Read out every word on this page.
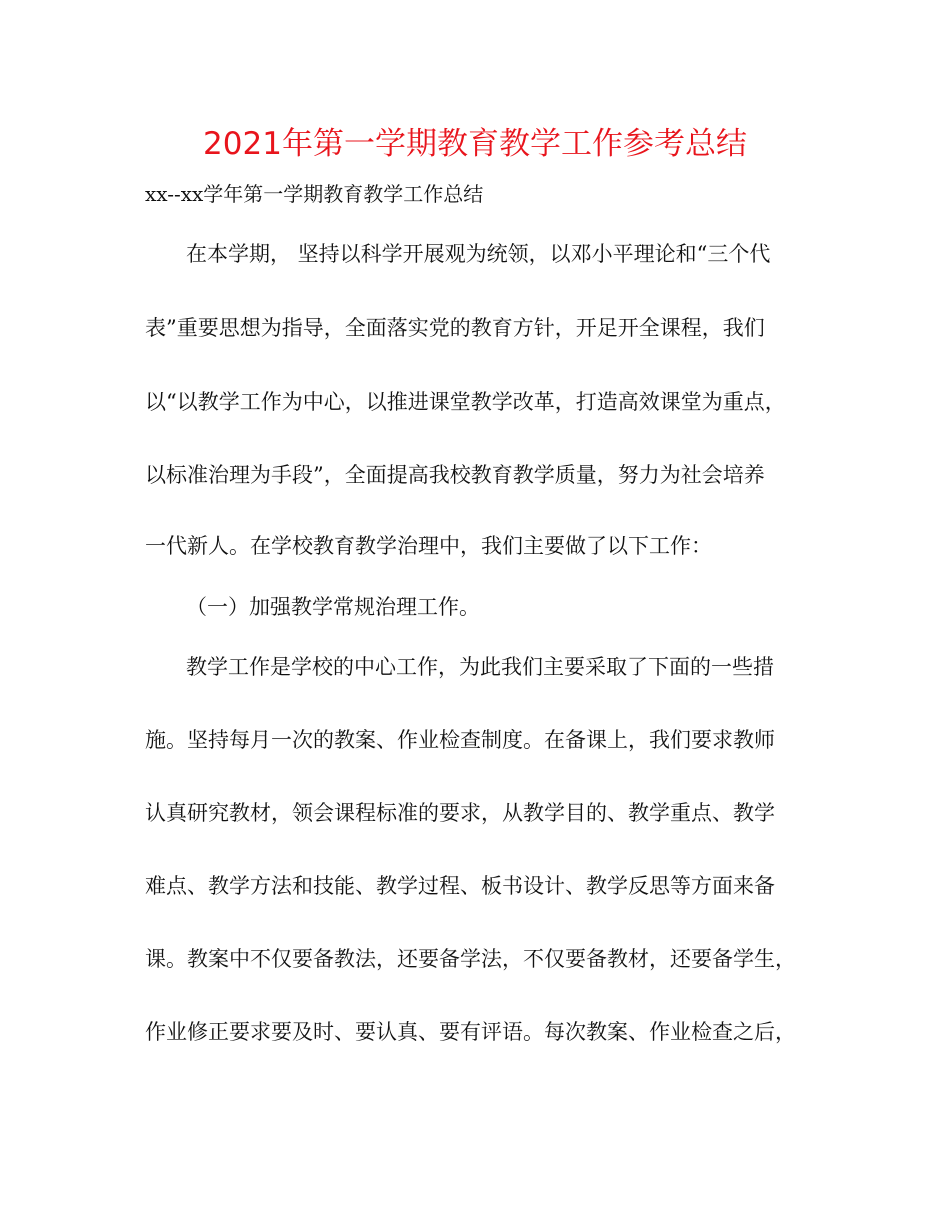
2021年第一学期教育教学工作参考总结
xx--xx学年第一学期教育教学工作总结
在本学期， 坚持以科学开展观为统领，以邓小平理论和“三个代
表”重要思想为指导，全面落实党的教育方针，开足开全课程，我们
以“以教学工作为中心，以推进课堂教学改革，打造高效课堂为重点，
以标准治理为手段”，全面提高我校教育教学质量，努力为社会培养
一代新人。在学校教育教学治理中，我们主要做了以下工作：
（一）加强教学常规治理工作。
教学工作是学校的中心工作，为此我们主要采取了下面的一些措
施。坚持每月一次的教案、作业检查制度。在备课上，我们要求教师
认真研究教材，领会课程标准的要求，从教学目的、教学重点、教学
难点、教学方法和技能、教学过程、板书设计、教学反思等方面来备
课。教案中不仅要备教法，还要备学法，不仅要备教材，还要备学生，
作业修正要求要及时、要认真、要有评语。每次教案、作业检查之后，
